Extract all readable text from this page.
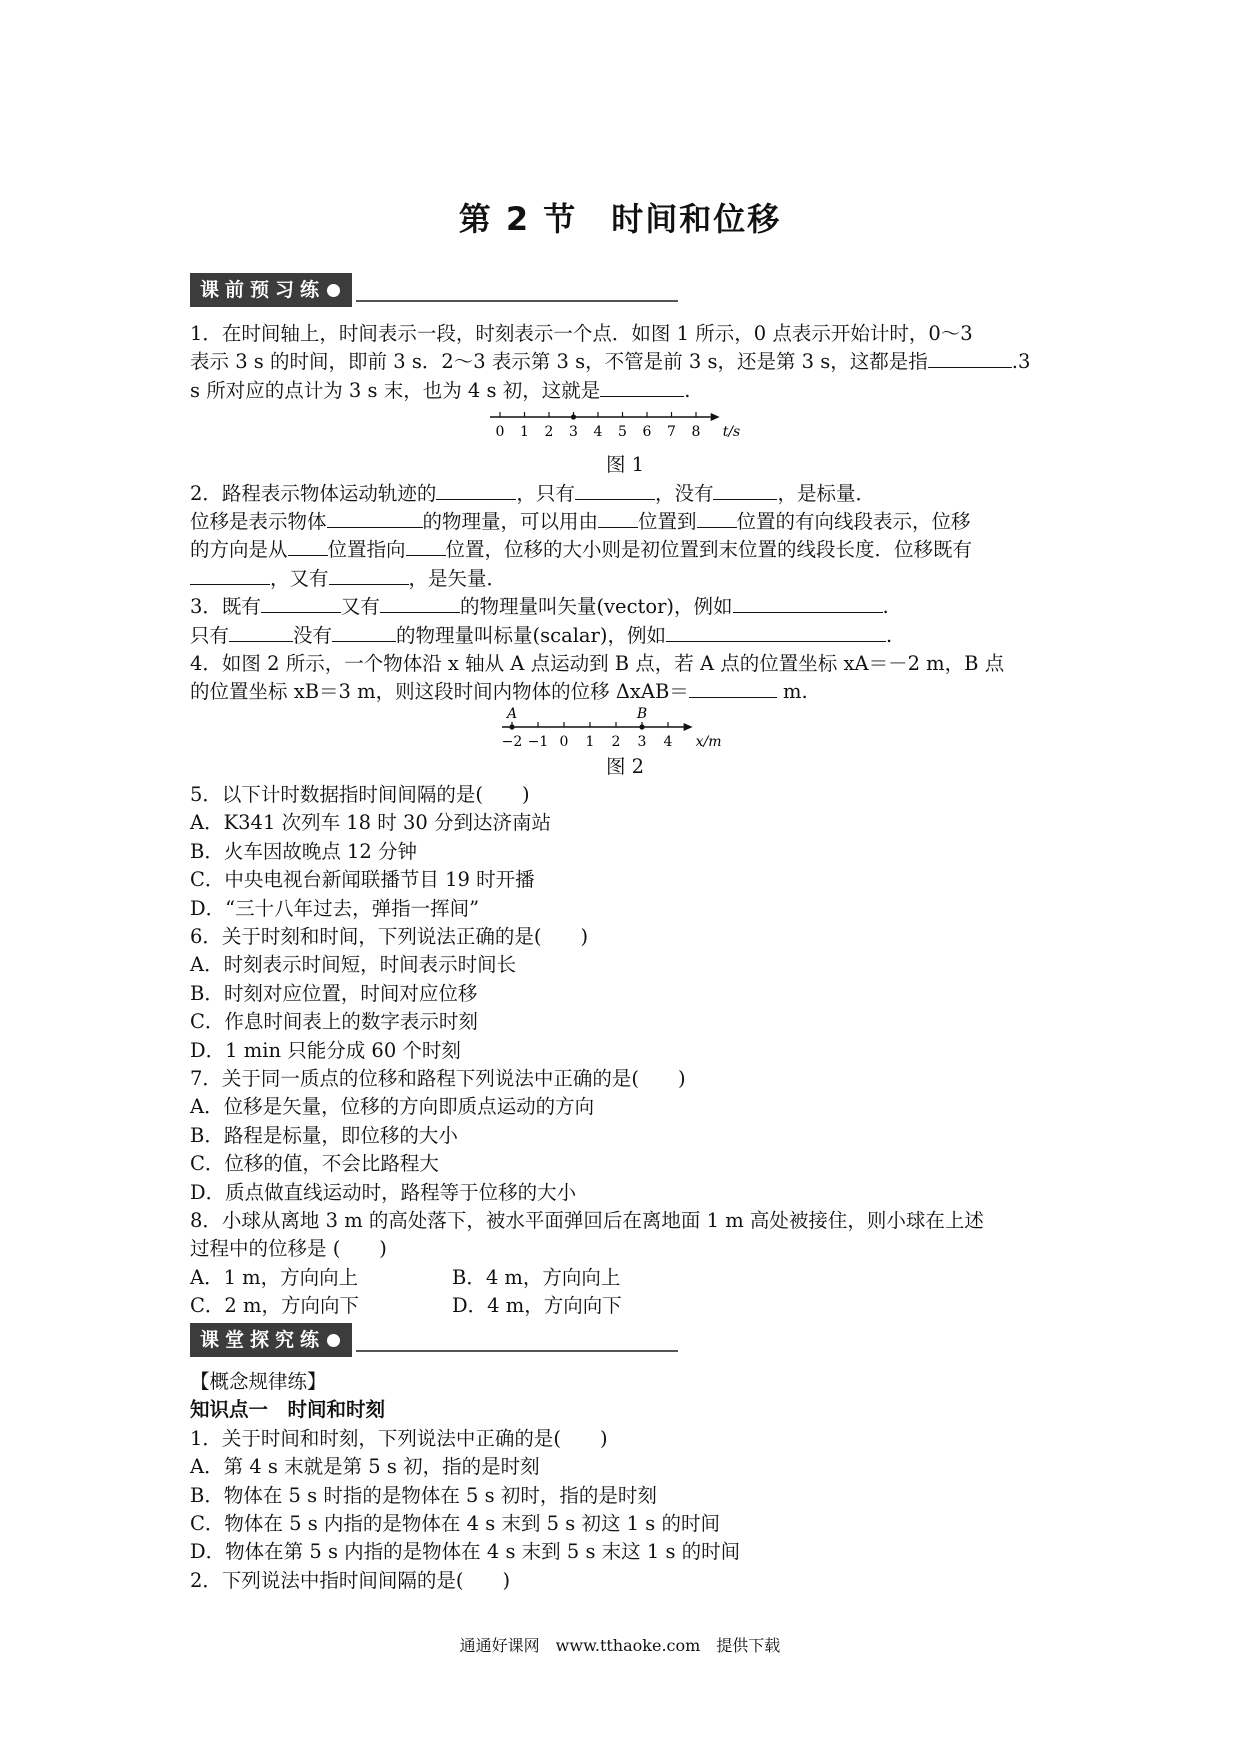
第 2 节　时间和位移
课前预习练
1．在时间轴上，时间表示一段，时刻表示一个点．如图 1 所示，0 点表示开始计时，0～3
表示 3 s 的时间，即前 3 s．2～3 表示第 3 s，不管是前 3 s，还是第 3 s，这都是指	.3
s 所对应的点计为 3 s 末，也为 4 s 初，这就是	.
0 1 2 3 4 5 6 7 8 t/s
图 1
2．路程表示物体运动轨迹的	，只有	，没有	，是标量．
位移是表示物体	的物理量，可以用由 位置到 位置的有向线段表示，位移
的方向是从 位置指向 位置，位移的大小则是初位置到末位置的线段长度．位移既有
，又有	，是矢量．
3．既有	又有	的物理量叫矢量(vector)，例如	.
只有	没有	的物理量叫标量(scalar)，例如	.
4．如图 2 所示，一个物体沿 x 轴从 A 点运动到 B 点，若 A 点的位置坐标 xA＝－2 m，B 点
的位置坐标 xB＝3 m，则这段时间内物体的位移 ΔxAB＝	m.
−2
A
−1 0 1 2 3
B
4 x/m
图 2
5．以下计时数据指时间间隔的是(　　)
A．K341 次列车 18 时 30 分到达济南站
B．火车因故晚点 12 分钟
C．中央电视台新闻联播节目 19 时开播
D．“三十八年过去，弹指一挥间”
6．关于时刻和时间，下列说法正确的是(　　)
A．时刻表示时间短，时间表示时间长
B．时刻对应位置，时间对应位移
C．作息时间表上的数字表示时刻
D．1 min 只能分成 60 个时刻
7．关于同一质点的位移和路程下列说法中正确的是(　　)
A．位移是矢量，位移的方向即质点运动的方向
B．路程是标量，即位移的大小
C．位移的值，不会比路程大
D．质点做直线运动时，路程等于位移的大小
8．小球从离地 3 m 的高处落下，被水平面弹回后在离地面 1 m 高处被接住，则小球在上述
过程中的位移是 (　　)
A．1 m，方向向上	B．4 m，方向向上
C．2 m，方向向下	D．4 m，方向向下
课堂探究练
【概念规律练】
知识点一　时间和时刻
1．关于时间和时刻，下列说法中正确的是(　　)
A．第 4 s 末就是第 5 s 初，指的是时刻
B．物体在 5 s 时指的是物体在 5 s 初时，指的是时刻
C．物体在 5 s 内指的是物体在 4 s 末到 5 s 初这 1 s 的时间
D．物体在第 5 s 内指的是物体在 4 s 末到 5 s 末这 1 s 的时间
2．下列说法中指时间间隔的是(　　)
通通好课网　www.tthaoke.com　提供下载
